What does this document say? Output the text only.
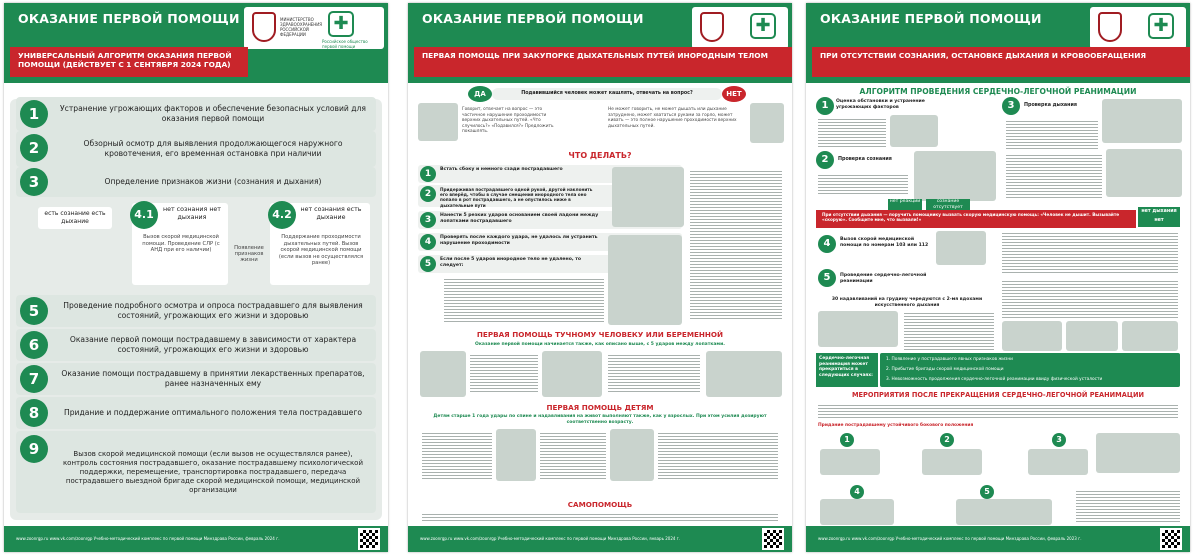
ОКАЗАНИЕ ПЕРВОЙ ПОМОЩИ	МИНИСТЕРСТВО ЗДРАВООХРАНЕНИЯ РОССИЙСКОЙ ФЕДЕРАЦИИ
✚
Российское общество первой помощи
УНИВЕРСАЛЬНЫЙ АЛГОРИТМ ОКАЗАНИЯ ПЕРВОЙ ПОМОЩИ (ДЕЙСТВУЕТ С 1 СЕНТЯБРЯ 2024 ГОДА)
1	Устранение угрожающих факторов и обеспечение безопасных условий для оказания первой помощи
2	Обзорный осмотр для выявления продолжающегося наружного кровотечения, его временная остановка при наличии
3	Определение признаков жизни (сознания и дыхания)
есть сознание есть дыхание	4.1	нет сознания нет дыхания
Вызов скорой медицинской помощи. Проведение СЛР (с АНД при его наличии)	Появление признаков жизни
4.2	нет сознания есть дыхание
Поддержание проходимости дыхательных путей. Вызов скорой медицинской помощи (если вызов не осуществлялся ранее)
5	Проведение подробного осмотра и опроса пострадавшего для выявления состояний, угрожающих его жизни и здоровью
6	Оказание первой помощи пострадавшему в зависимости от характера состояний, угрожающих его жизни и здоровью
7	Оказание помощи пострадавшему в принятии лекарственных препаратов, ранее назначенных ему
8	Придание и поддержание оптимального положения тела пострадавшего
9	Вызов скорой медицинской помощи (если вызов не осуществлялся ранее), контроль состояния пострадавшего, оказание пострадавшему психологической поддержки, перемещение, транспортировка пострадавшего, передача пострадавшего выездной бригаде скорой медицинской помощи, медицинской организации
www.zoonrgp.ru www.vk.com/zoonrgp Учебно-методический комплекс по первой помощи Минздрава России, февраль 2024 г.
ОКАЗАНИЕ ПЕРВОЙ ПОМОЩИ	✚
ПЕРВАЯ ПОМОЩЬ ПРИ ЗАКУПОРКЕ ДЫХАТЕЛЬНЫХ ПУТЕЙ ИНОРОДНЫМ ТЕЛОМ
Подавившийся человек может кашлять, отвечать на вопрос?
ДА	НЕТ
Говорит, отвечает на вопрос — это частичное нарушение проходимости верхних дыхательных путей. «Что случилось?» «Подавился?» Предложить покашлять.
Не может говорить, не может дышать или дыхание затруднено, может хвататься руками за горло, может кивать — это полное нарушение проходимости верхних дыхательных путей.
ЧТО ДЕЛАТЬ?
1	Встать сбоку и немного сзади пострадавшего
2	Придерживая пострадавшего одной рукой, другой наклонить его вперёд, чтобы в случае смещения инородного тела оно попало в рот пострадавшего, а не опустилось ниже в дыхательные пути
3	Нанести 5 резких ударов основанием своей ладони между лопатками пострадавшего
4	Проверять после каждого удара, не удалось ли устранить нарушение проходимости
5	Если после 5 ударов инородное тело не удалено, то следует:
ПЕРВАЯ ПОМОЩЬ ТУЧНОМУ ЧЕЛОВЕКУ ИЛИ БЕРЕМЕННОЙ
Оказание первой помощи начинается также, как описано выше, с 5 ударов между лопатками.
ПЕРВАЯ ПОМОЩЬ ДЕТЯМ
Детям старше 1 года удары по спине и надавливания на живот выполняют также, как у взрослых. При этом усилия дозируют соответственно возрасту.
САМОПОМОЩЬ
www.zoonrgp.ru www.vk.com/zoonrgp Учебно-методический комплекс по первой помощи Минздрава России, январь 2024 г.
ОКАЗАНИЕ ПЕРВОЙ ПОМОЩИ	✚
ПРИ ОТСУТСТВИИ СОЗНАНИЯ, ОСТАНОВКЕ ДЫХАНИЯ И КРОВООБРАЩЕНИЯ
АЛГОРИТМ ПРОВЕДЕНИЯ СЕРДЕЧНО-ЛЕГОЧНОЙ РЕАНИМАЦИИ
1	Оценка обстановки и устранение угрожающих факторов	3	Проверка дыхания
2	Проверка сознания
нет реакции	сознание отсутствует
При отсутствии дыхания — поручить помощнику вызвать скорую медицинскую помощь: «Человек не дышит. Вызывайте «скорую». Сообщите мне, что вызвали!»
нет дыхания нет
4	Вызов скорой медицинской помощи по номерам 103 или 112
5	Проведение сердечно-легочной реанимации
30 надавливаний на грудину чередуются с 2-мя вдохами искусственного дыхания
Сердечно-легочная реанимация может прекратиться в следующих случаях:
1. Появление у пострадавшего явных признаков жизни
2. Прибытие бригады скорой медицинской помощи
3. Невозможность продолжения сердечно-легочной реанимации ввиду физической усталости
МЕРОПРИЯТИЯ ПОСЛЕ ПРЕКРАЩЕНИЯ СЕРДЕЧНО-ЛЕГОЧНОЙ РЕАНИМАЦИИ
Придание пострадавшему устойчивого бокового положения
1	2	3
4	5
www.zoonrgp.ru www.vk.com/zoonrgp Учебно-методический комплекс по первой помощи Минздрава России, февраль 2023 г.
